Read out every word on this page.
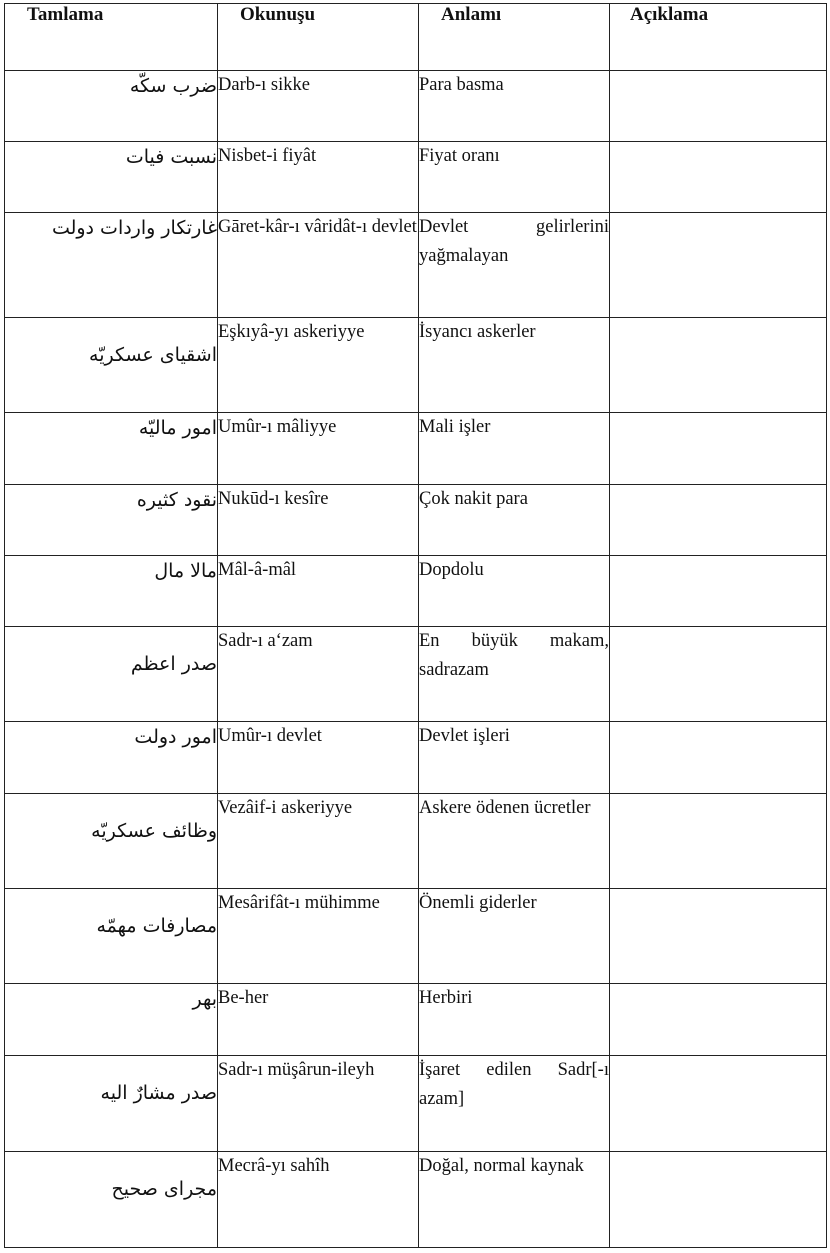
Tamlama	Okunuşu	Anlamı	Açıklama

ضرب سکّه	Darb-ı sikke	Para basma	
نسبت فیات	Nisbet-i fiyât	Fiyat oranı	
غارتکار واردات دولت	Gāret-kâr-ı vâridât-ı devlet	Devlet gelirlerini yağmalayan	
اشقیای عسکریّه	Eşkıyâ-yı askeriyye	İsyancı askerler	
امور مالیّه	Umûr-ı mâliyye	Mali işler	
نقود کثیره	Nukūd-ı kesîre	Çok nakit para	
مالا مال	Mâl-â-mâl	Dopdolu	
صدر اعظم	Sadr-ı a‘zam	En büyük makam, sadrazam	
امور دولت	Umûr-ı devlet	Devlet işleri	
وظائف عسکریّه	Vezâif-i askeriyye	Askere ödenen ücretler	
مصارفات مهمّه	Mesârifât-ı mühimme	Önemli giderler	
بهر	Be-her	Herbiri	
صدر مشارٌ الیه	Sadr-ı müşârun-ileyh	İşaret edilen Sadr[-ı azam]	
مجرای صحیح	Mecrâ-yı sahîh	Doğal, normal kaynak	
